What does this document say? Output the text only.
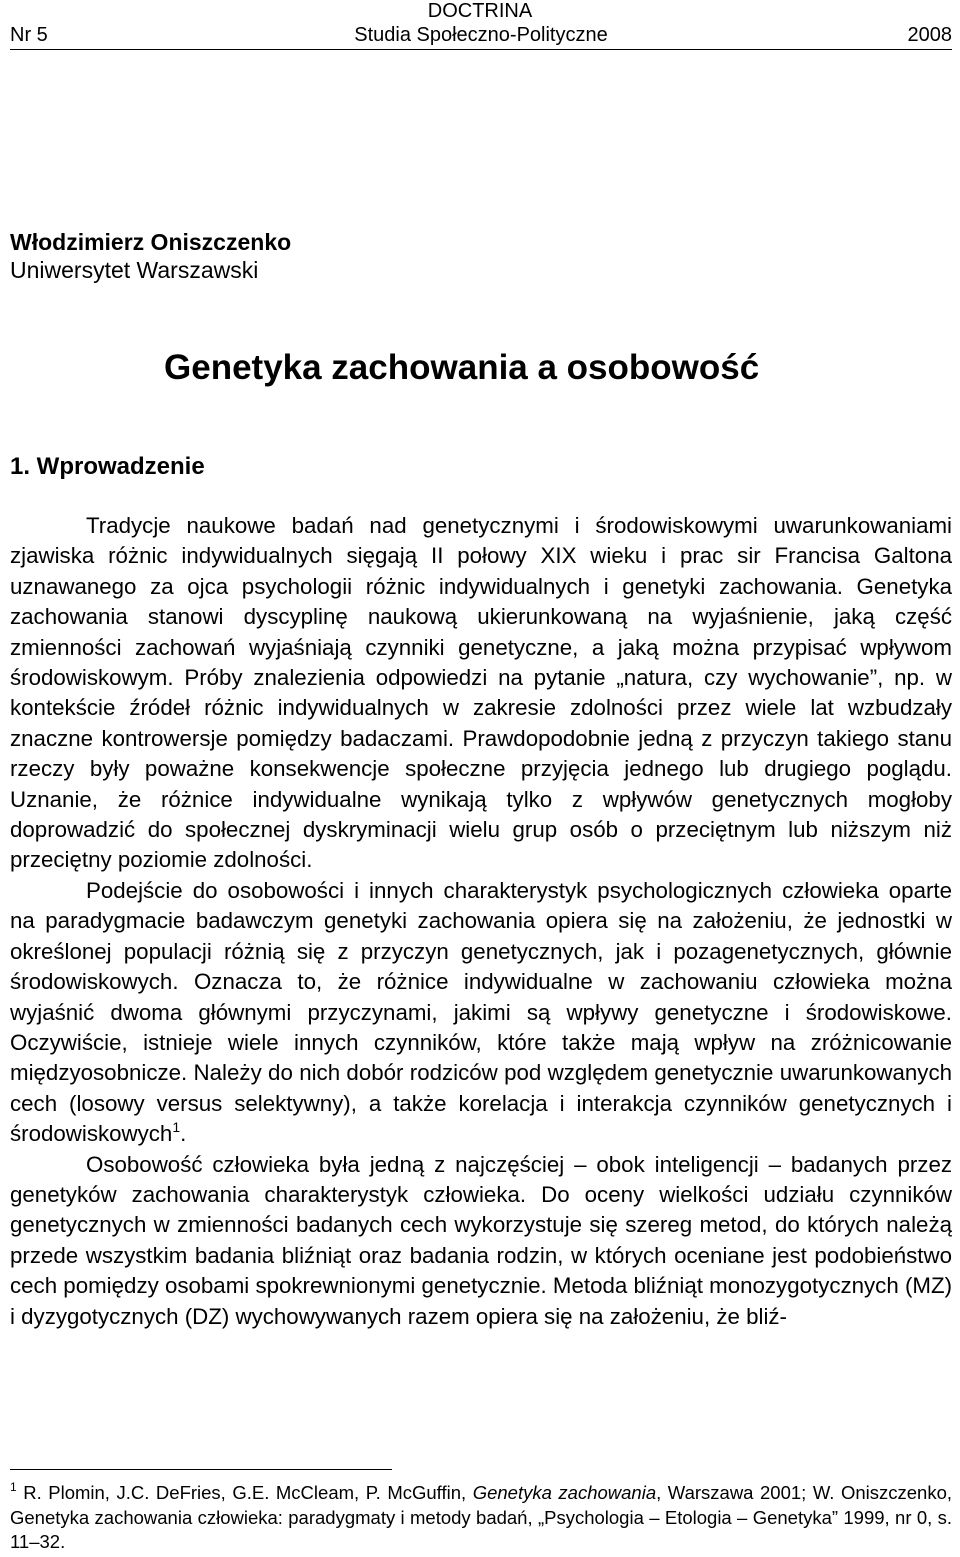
DOCTRINA
Studia Społeczno-Polityczne
Nr 5	2008
Włodzimierz Oniszczenko
Uniwersytet Warszawski
Genetyka zachowania a osobowość
1. Wprowadzenie

Tradycje naukowe badań nad genetycznymi i środowiskowymi uwarunkowaniami zjawiska różnic indywidualnych sięgają II połowy XIX wieku i prac sir Francisa Galtona uznawanego za ojca psychologii różnic indywidualnych i genetyki zachowania. Genetyka zachowania stanowi dyscyplinę naukową ukierunkowaną na wyjaśnienie, jaką część zmienności zachowań wyjaśniają czynniki genetyczne, a jaką można przypisać wpływom środowiskowym. Próby znalezienia odpowiedzi na pytanie „natura, czy wychowanie”, np. w kontekście źródeł różnic indywidualnych w zakresie zdolności przez wiele lat wzbudzały znaczne kontrowersje pomiędzy badaczami. Prawdopodobnie jedną z przyczyn takiego stanu rzeczy były poważne konsekwencje społeczne przyjęcia jednego lub drugiego poglądu. Uznanie, że różnice indywidualne wynikają tylko z wpływów genetycznych mogłoby doprowadzić do społecznej dyskryminacji wielu grup osób o przeciętnym lub niższym niż przeciętny poziomie zdolności.

Podejście do osobowości i innych charakterystyk psychologicznych człowieka oparte na paradygmacie badawczym genetyki zachowania opiera się na założeniu, że jednostki w określonej populacji różnią się z przyczyn genetycznych, jak i pozagenetycznych, głównie środowiskowych. Oznacza to, że różnice indywidualne w zachowaniu człowieka można wyjaśnić dwoma głównymi przyczynami, jakimi są wpływy genetyczne i środowiskowe. Oczywiście, istnieje wiele innych czynników, które także mają wpływ na zróżnicowanie międzyosobnicze. Należy do nich dobór rodziców pod względem genetycznie uwarunkowanych cech (losowy versus selektywny), a także korelacja i interakcja czynników genetycznych i środowiskowych$^1$.

Osobowość człowieka była jedną z najczęściej – obok inteligencji – badanych przez genetyków zachowania charakterystyk człowieka. Do oceny wielkości udziału czynników genetycznych w zmienności badanych cech wykorzystuje się szereg metod, do których należą przede wszystkim badania bliźniąt oraz badania rodzin, w których oceniane jest podobieństwo cech pomiędzy osobami spokrewnionymi genetycznie. Metoda bliźniąt monozygotycznych (MZ) i dyzygotycznych (DZ) wychowywanych razem opiera się na założeniu, że bliź-

$^1$ R. Plomin, J.C. DeFries, G.E. McCleam, P. McGuffin, Genetyka zachowania, Warszawa 2001; W. Oniszczenko, Genetyka zachowania człowieka: paradygmaty i metody badań, „Psychologia – Etologia – Genetyka” 1999, nr 0, s. 11–32.
